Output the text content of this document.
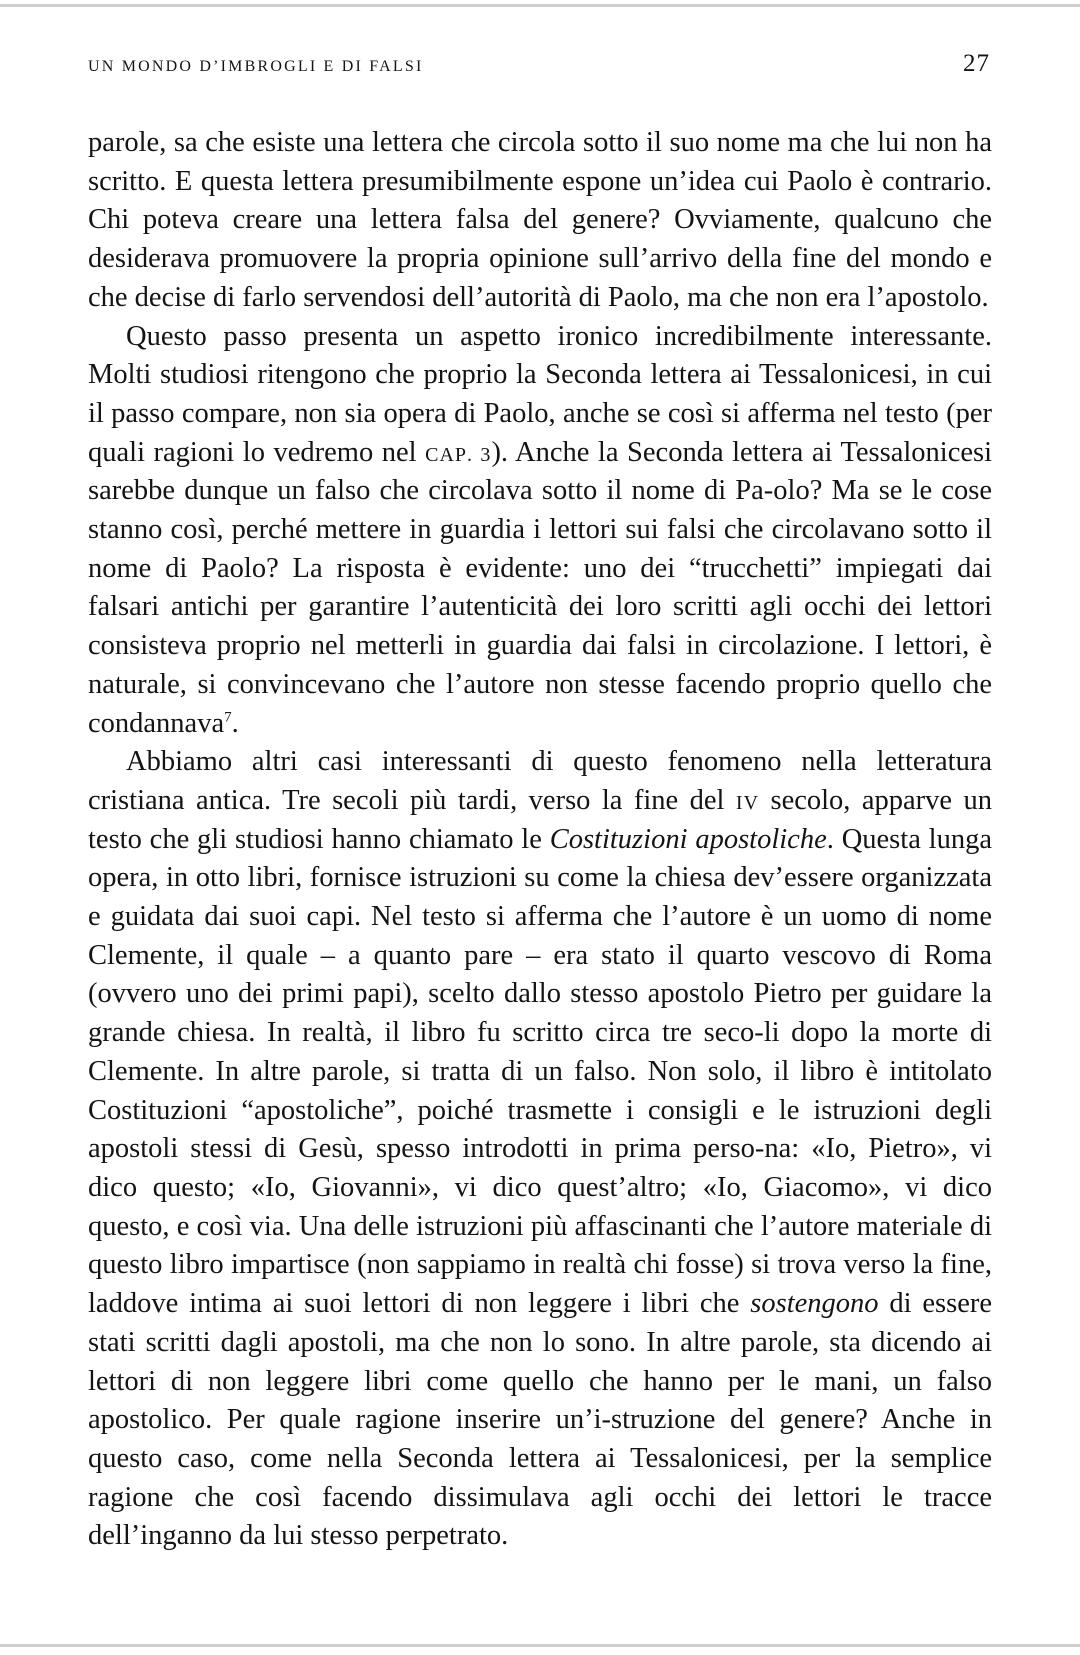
un mondo d’imbrogli e di falsi	27

parole, sa che esiste una lettera che circola sotto il suo nome ma che lui non ha scritto. E questa lettera presumibilmente espone un’idea cui Paolo è contrario. Chi poteva creare una lettera falsa del genere? Ovviamente, qualcuno che desiderava promuovere la propria opinione sull’arrivo della fine del mondo e che decise di farlo servendosi dell’autorità di Paolo, ma che non era l’apostolo.

Questo passo presenta un aspetto ironico incredibilmente interessante. Molti studiosi ritengono che proprio la Seconda lettera ai Tessalonicesi, in cui il passo compare, non sia opera di Paolo, anche se così si afferma nel testo (per quali ragioni lo vedremo nel cap. 3). Anche la Seconda lettera ai Tessalonicesi sarebbe dunque un falso che circolava sotto il nome di Pa-olo? Ma se le cose stanno così, perché mettere in guardia i lettori sui falsi che circolavano sotto il nome di Paolo? La risposta è evidente: uno dei “trucchetti” impiegati dai falsari antichi per garantire l’autenticità dei loro scritti agli occhi dei lettori consisteva proprio nel metterli in guardia dai falsi in circolazione. I lettori, è naturale, si convincevano che l’autore non stesse facendo proprio quello che condannava$^7$.

Abbiamo altri casi interessanti di questo fenomeno nella letteratura cristiana antica. Tre secoli più tardi, verso la fine del iv secolo, apparve un testo che gli studiosi hanno chiamato le Costituzioni apostoliche. Questa lunga opera, in otto libri, fornisce istruzioni su come la chiesa dev’essere organizzata e guidata dai suoi capi. Nel testo si afferma che l’autore è un uomo di nome Clemente, il quale – a quanto pare – era stato il quarto vescovo di Roma (ovvero uno dei primi papi), scelto dallo stesso apostolo Pietro per guidare la grande chiesa. In realtà, il libro fu scritto circa tre seco-li dopo la morte di Clemente. In altre parole, si tratta di un falso. Non solo, il libro è intitolato Costituzioni “apostoliche”, poiché trasmette i consigli e le istruzioni degli apostoli stessi di Gesù, spesso introdotti in prima perso-na: «Io, Pietro», vi dico questo; «Io, Giovanni», vi dico quest’altro; «Io, Giacomo», vi dico questo, e così via. Una delle istruzioni più affascinanti che l’autore materiale di questo libro impartisce (non sappiamo in realtà chi fosse) si trova verso la fine, laddove intima ai suoi lettori di non leggere i libri che sostengono di essere stati scritti dagli apostoli, ma che non lo sono. In altre parole, sta dicendo ai lettori di non leggere libri come quello che hanno per le mani, un falso apostolico. Per quale ragione inserire un’i-struzione del genere? Anche in questo caso, come nella Seconda lettera ai Tessalonicesi, per la semplice ragione che così facendo dissimulava agli occhi dei lettori le tracce dell’inganno da lui stesso perpetrato.
